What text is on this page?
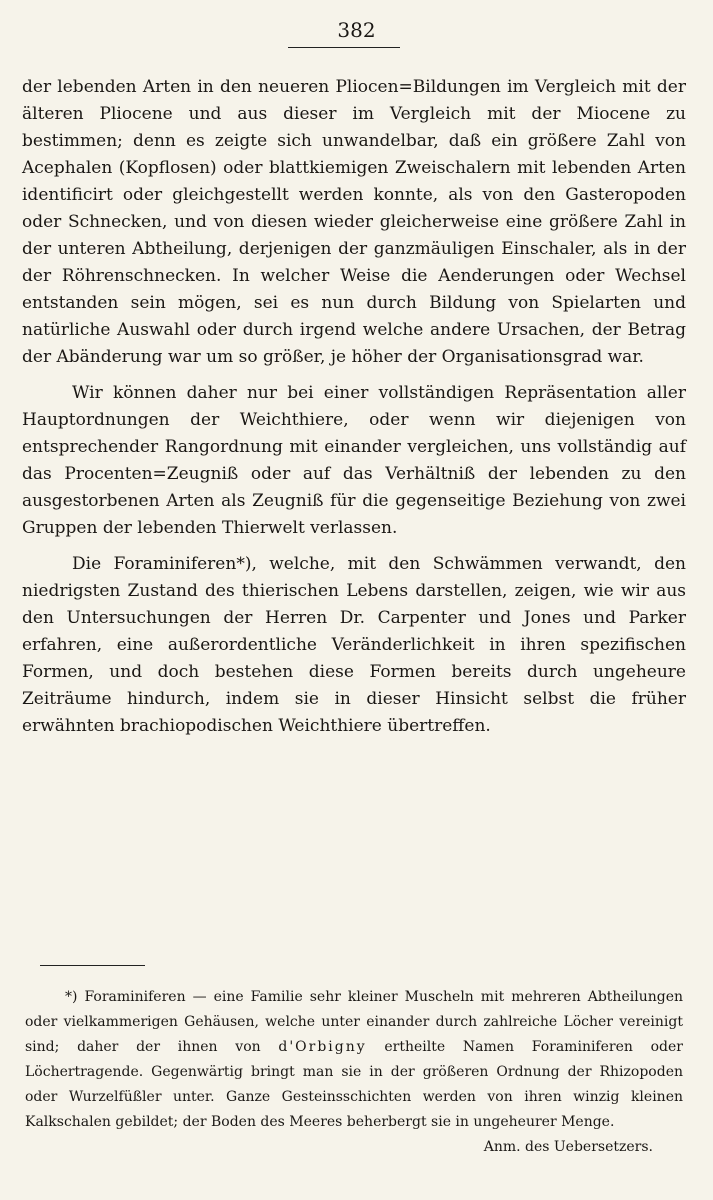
382

der lebenden Arten in den neueren Pliocen=Bildungen im Vergleich mit der älteren Pliocene und aus dieser im Vergleich mit der Miocene zu bestimmen; denn es zeigte sich unwandelbar, daß ein größere Zahl von Acephalen (Kopflosen) oder blattkiemigen Zweischalern mit lebenden Arten identificirt oder gleichgestellt werden konnte, als von den Gasteropoden oder Schnecken, und von diesen wieder gleicherweise eine größere Zahl in der unteren Abtheilung, derjenigen der ganzmäuligen Einschaler, als in der der Röhrenschnecken. In welcher Weise die Aenderungen oder Wechsel entstanden sein mögen, sei es nun durch Bildung von Spielarten und natürliche Auswahl oder durch irgend welche andere Ursachen, der Betrag der Abänderung war um so größer, je höher der Organisationsgrad war.

Wir können daher nur bei einer vollständigen Repräsentation aller Hauptordnungen der Weichthiere, oder wenn wir diejenigen von entsprechender Rangordnung mit einander vergleichen, uns vollständig auf das Procenten=Zeugniß oder auf das Verhältniß der lebenden zu den ausgestorbenen Arten als Zeugniß für die gegenseitige Beziehung von zwei Gruppen der lebenden Thierwelt verlassen.

Die Foraminiferen*), welche, mit den Schwämmen verwandt, den niedrigsten Zustand des thierischen Lebens darstellen, zeigen, wie wir aus den Untersuchungen der Herren Dr. Carpenter und Jones und Parker erfahren, eine außerordentliche Veränderlichkeit in ihren spezifischen Formen, und doch bestehen diese Formen bereits durch ungeheure Zeiträume hindurch, indem sie in dieser Hinsicht selbst die früher erwähnten brachiopodischen Weichthiere übertreffen.

*) Foraminiferen — eine Familie sehr kleiner Muscheln mit mehreren Abtheilungen oder vielkammerigen Gehäusen, welche unter einander durch zahlreiche Löcher vereinigt sind; daher der ihnen von d'Orbigny ertheilte Namen Foraminiferen oder Löchertragende. Gegenwärtig bringt man sie in der größeren Ordnung der Rhizopoden oder Wurzelfüßler unter. Ganze Gesteinsschichten werden von ihren winzig kleinen Kalkschalen gebildet; der Boden des Meeres beherbergt sie in ungeheurer Menge.
Anm. des Uebersetzers.
